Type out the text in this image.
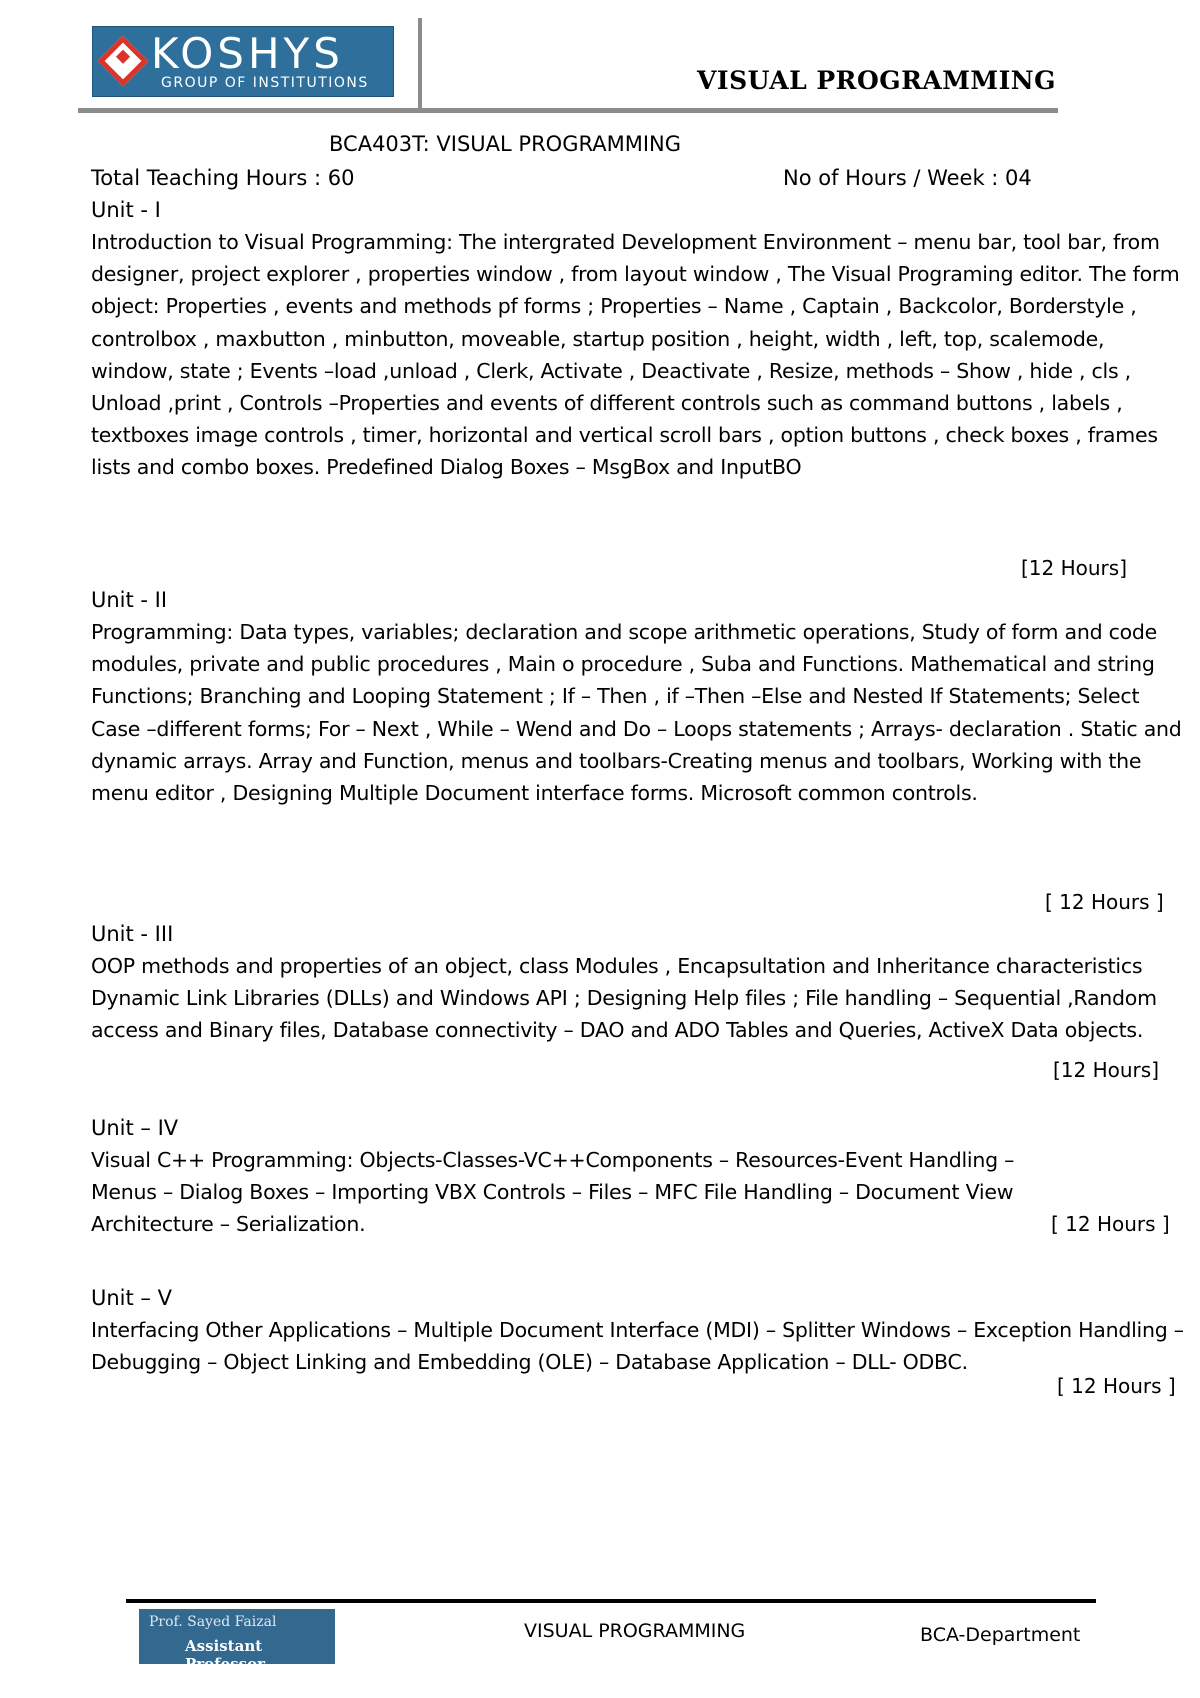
KOSHYS
GROUP OF INSTITUTIONS	VISUAL PROGRAMMING
BCA403T: VISUAL PROGRAMMING
Total Teaching Hours : 60	No of Hours / Week : 04

Unit - I

Introduction to Visual Programming: The intergrated Development Environment – menu bar, tool bar, from designer, project explorer , properties window , from layout window , The Visual Programing editor. The form object: Properties , events and methods pf forms ; Properties – Name , Captain , Backcolor, Borderstyle , controlbox , maxbutton , minbutton, moveable, startup position , height, width , left, top, scalemode, window, state ; Events –load ,unload , Clerk, Activate , Deactivate , Resize, methods – Show , hide , cls , Unload ,print , Controls –Properties and events of different controls such as command buttons , labels , textboxes image controls , timer, horizontal and vertical scroll bars , option buttons , check boxes , frames lists and combo boxes. Predefined Dialog Boxes – MsgBox and InputBO

[12 Hours]

Unit - II

Programming: Data types, variables; declaration and scope arithmetic operations, Study of form and code modules, private and public procedures , Main o procedure , Suba and Functions. Mathematical and string Functions; Branching and Looping Statement ; If – Then , if –Then –Else and Nested If Statements; Select Case –different forms; For – Next , While – Wend and Do – Loops statements ; Arrays- declaration . Static and dynamic arrays. Array and Function, menus and toolbars-Creating menus and toolbars, Working with the menu editor , Designing Multiple Document interface forms. Microsoft common controls.

[ 12 Hours ]

Unit - III

OOP methods and properties of an object, class Modules , Encapsultation and Inheritance characteristics Dynamic Link Libraries (DLLs) and Windows API ; Designing Help files ; File handling – Sequential ,Random access and Binary files, Database connectivity – DAO and ADO Tables and Queries, ActiveX Data objects.

[12 Hours]

Unit – IV

Visual C++ Programming: Objects-Classes-VC++Components – Resources-Event Handling – Menus – Dialog Boxes – Importing VBX Controls – Files – MFC File Handling – Document View Architecture – Serialization.	[ 12 Hours ]

Unit – V

Interfacing Other Applications – Multiple Document Interface (MDI) – Splitter Windows – Exception Handling – Debugging – Object Linking and Embedding (OLE) – Database Application – DLL- ODBC.

[ 12 Hours ]
Prof. Sayed Faizal
Assistant Professor
VISUAL PROGRAMMING	BCA-Department
